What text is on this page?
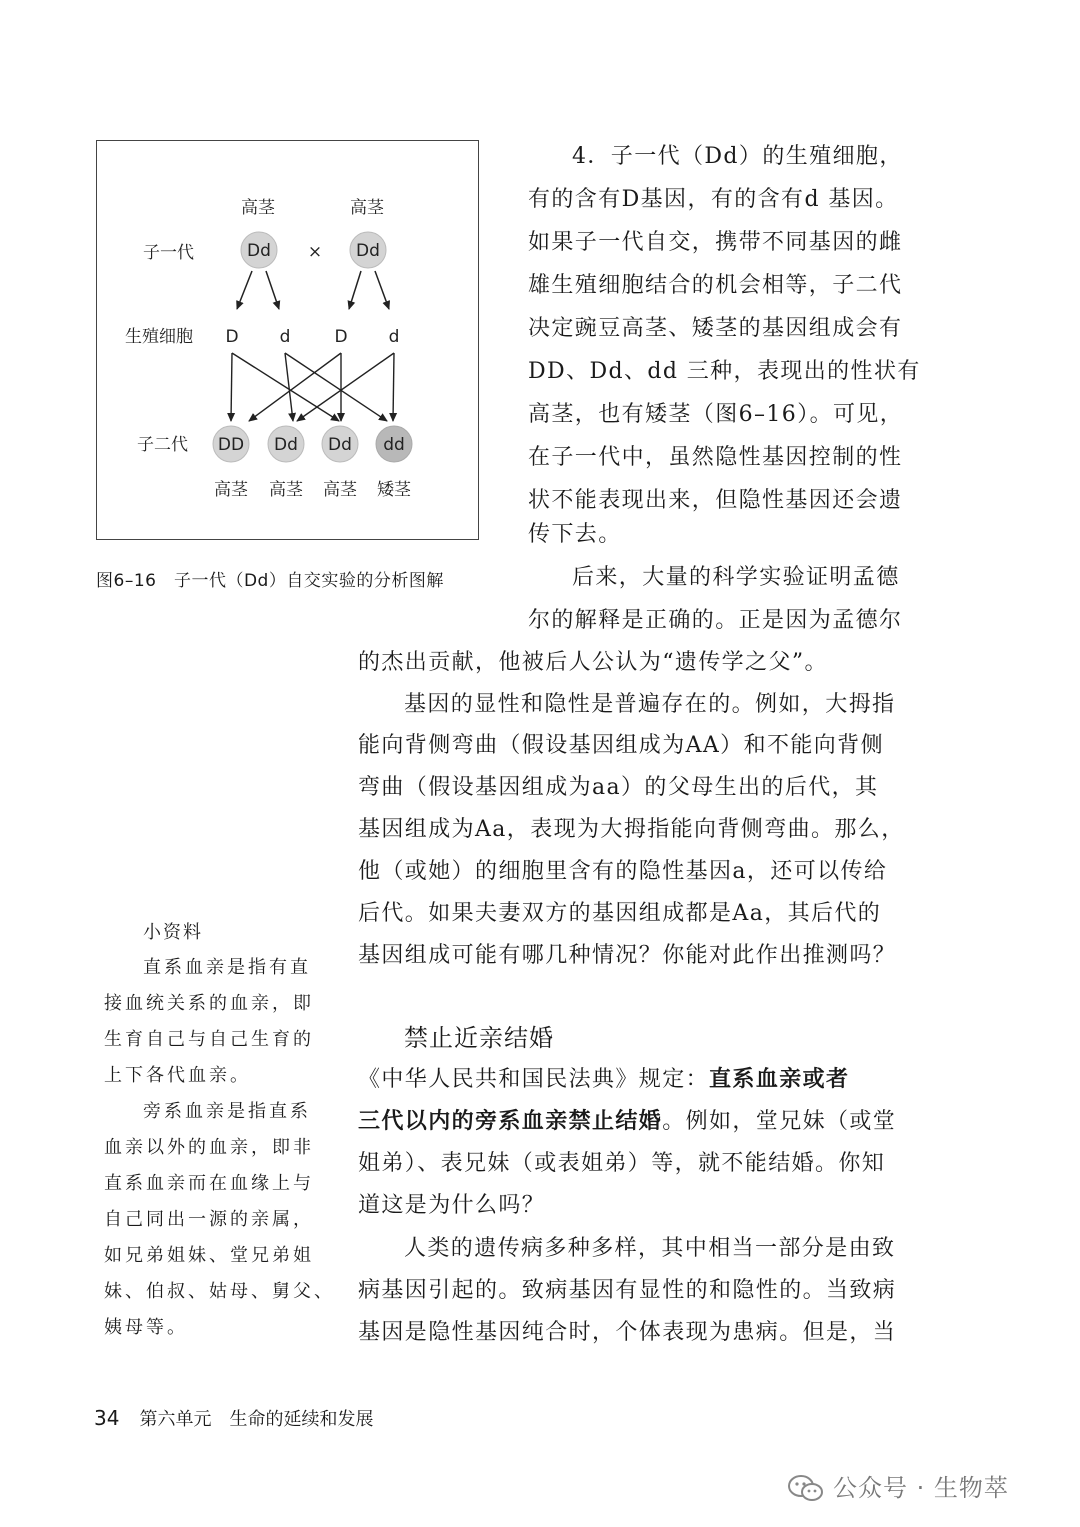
高茎	高茎
子一代	Dd × Dd
生殖细胞 D d	D d
子二代 DD Dd Dd dd
高茎 高茎 高茎 矮茎
图6–16　子一代（Dd）自交实验的分析图解
4．子一代（Dd）的生殖细胞，
有的含有D基因，有的含有d 基因。
如果子一代自交，携带不同基因的雌
雄生殖细胞结合的机会相等，子二代
决定豌豆高茎、矮茎的基因组成会有
DD、Dd、dd 三种，表现出的性状有
高茎，也有矮茎（图6–16）。可见，
在子一代中，虽然隐性基因控制的性
状不能表现出来，但隐性基因还会遗
传下去。
后来，大量的科学实验证明孟德
尔的解释是正确的。正是因为孟德尔
的杰出贡献，他被后人公认为“遗传学之父”。
基因的显性和隐性是普遍存在的。例如，大拇指
能向背侧弯曲（假设基因组成为AA）和不能向背侧
弯曲（假设基因组成为aa）的父母生出的后代，其
基因组成为Aa，表现为大拇指能向背侧弯曲。那么，
他（或她）的细胞里含有的隐性基因a，还可以传给
后代。如果夫妻双方的基因组成都是Aa，其后代的
基因组成可能有哪几种情况？你能对此作出推测吗？
禁止近亲结婚
《中华人民共和国民法典》规定：直系血亲或者
三代以内的旁系血亲禁止结婚。例如，堂兄妹（或堂
姐弟）、表兄妹（或表姐弟）等，就不能结婚。你知
道这是为什么吗？
人类的遗传病多种多样，其中相当一部分是由致
病基因引起的。致病基因有显性的和隐性的。当致病
基因是隐性基因纯合时，个体表现为患病。但是，当
小资料
直系血亲是指有直
接血统关系的血亲，即
生育自己与自己生育的
上下各代血亲。
旁系血亲是指直系
血亲以外的血亲，即非
直系血亲而在血缘上与
自己同出一源的亲属，
如兄弟姐妹、堂兄弟姐
妹、伯叔、姑母、舅父、
姨母等。
34 第六单元　生命的延续和发展
公众号 · 生物萃
